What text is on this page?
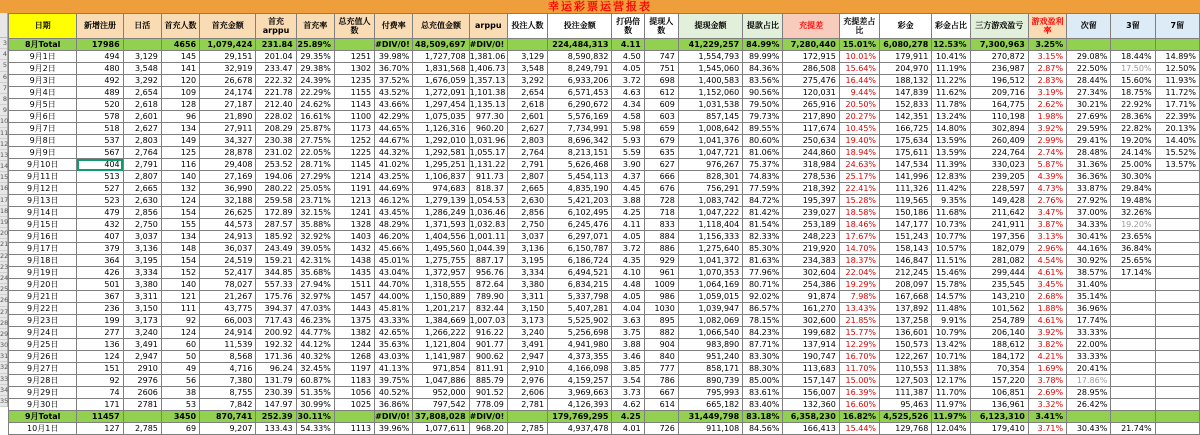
幸运彩票运营报表
3
4
5
6
7
8
9
10
11
12
13
14
15
16
17
18
19
20
21
22
23
24
25
26
27
28
29
30
31
32
33
34
35
日期	新增注册	日活	首充人数	首充金额	首充arppu	首充率	总充值人数	付费率	总充值金额	arppu	投注人数	投注金额	打码倍数	提现人数	提现金额	提款占比	充提差	充提差占比	彩金	彩金占比	三方游戏盈亏	游戏盈利率	次留	3留	7留
8月Total	17986		4656	1,079,424	231.84	25.89%		#DIV/0!	48,509,697	#DIV/0!		224,484,313	4.11		41,229,257	84.99%	7,280,440	15.01%	6,080,278	12.53%	7,300,963	3.25%			
9月1日	494	3,129	145	29,151	201.04	29.35%	1251	39.98%	1,727,708	1,381.06	3,129	8,590,832	4.50	747	1,554,793	89.99%	172,915	10.01%	179,911	10.41%	270,872	3.15%	29.08%	18.44%	14.89%
9月2日	480	3,548	141	32,919	233.47	29.38%	1302	36.70%	1,831,568	1,406.73	3,548	8,249,791	4.05	751	1,545,060	84.36%	286,508	15.64%	204,970	11.19%	236,987	2.87%	22.50%	17.50%	12.50%
9月3日	492	3,292	120	26,678	222.32	24.39%	1235	37.52%	1,676,059	1,357.13	3,292	6,933,206	3.72	698	1,400,583	83.56%	275,476	16.44%	188,132	11.22%	196,512	2.83%	28.44%	15.60%	11.93%
9月4日	489	2,654	109	24,174	221.78	22.29%	1155	43.52%	1,272,091	1,101.38	2,654	6,571,453	4.63	612	1,152,060	90.56%	120,031	9.44%	147,839	11.62%	209,716	3.19%	27.34%	18.75%	11.72%
9月5日	520	2,618	128	27,187	212.40	24.62%	1143	43.66%	1,297,454	1,135.13	2,618	6,290,672	4.34	609	1,031,538	79.50%	265,916	20.50%	152,833	11.78%	164,775	2.62%	30.21%	22.92%	17.71%
9月6日	578	2,601	96	21,890	228.02	16.61%	1100	42.29%	1,075,035	977.30	2,601	5,576,169	4.58	603	857,145	79.73%	217,890	20.27%	142,351	13.24%	110,198	1.98%	27.69%	28.36%	22.39%
9月7日	518	2,627	134	27,911	208.29	25.87%	1173	44.65%	1,126,316	960.20	2,627	7,734,991	5.98	659	1,008,642	89.55%	117,674	10.45%	166,725	14.80%	302,894	3.92%	29.59%	22.82%	20.13%
9月8日	537	2,803	149	34,327	230.38	27.75%	1252	44.67%	1,292,010	1,031.96	2,803	8,696,342	5.93	679	1,041,376	80.60%	250,634	19.40%	175,634	13.59%	260,409	2.99%	29.41%	19.20%	14.40%
9月9日	567	2,764	125	28,878	231.02	22.05%	1225	44.32%	1,292,581	1,055.17	2,764	8,213,151	5.59	635	1,047,721	81.06%	244,860	18.94%	175,611	13.59%	224,764	2.74%	28.48%	24.14%	15.52%
9月10日	404	2,791	116	29,408	253.52	28.71%	1145	41.02%	1,295,251	1,131.22	2,791	5,626,468	3.90	627	976,267	75.37%	318,984	24.63%	147,534	11.39%	330,023	5.87%	31.36%	25.00%	13.57%
9月11日	513	2,807	140	27,169	194.06	27.29%	1214	43.25%	1,106,837	911.73	2,807	5,454,113	4.37	666	828,301	74.83%	278,536	25.17%	141,996	12.83%	239,205	4.39%	36.36%	30.30%	
9月12日	527	2,665	132	36,990	280.22	25.05%	1191	44.69%	974,683	818.37	2,665	4,835,190	4.45	676	756,291	77.59%	218,392	22.41%	111,326	11.42%	228,597	4.73%	33.87%	29.84%	
9月13日	523	2,630	124	32,188	259.58	23.71%	1213	46.12%	1,279,139	1,054.53	2,630	5,421,203	3.88	728	1,083,742	84.72%	195,397	15.28%	119,565	9.35%	149,428	2.76%	27.92%	19.48%	
9月14日	479	2,856	154	26,625	172.89	32.15%	1241	43.45%	1,286,249	1,036.46	2,856	6,102,495	4.25	718	1,047,222	81.42%	239,027	18.58%	150,186	11.68%	211,642	3.47%	37.00%	32.26%	
9月15日	432	2,750	155	44,573	287.57	35.88%	1328	48.29%	1,371,593	1,032.83	2,750	6,245,476	4.11	833	1,118,404	81.54%	253,189	18.46%	147,177	10.73%	241,911	3.87%	34.33%	19.20%	
9月16日	407	3,037	134	24,913	185.92	32.92%	1403	46.20%	1,404,556	1,001.11	3,037	6,297,071	4.05	884	1,156,333	82.33%	248,223	17.67%	151,243	10.77%	197,356	3.13%	30.41%	23.65%	
9月17日	379	3,136	148	36,037	243.49	39.05%	1432	45.66%	1,495,560	1,044.39	3,136	6,150,787	3.72	886	1,275,640	85.30%	219,920	14.70%	158,143	10.57%	182,079	2.96%	44.16%	36.84%	
9月18日	364	3,195	154	24,519	159.21	42.31%	1438	45.01%	1,275,755	887.17	3,195	6,186,724	4.35	929	1,041,372	81.63%	234,383	18.37%	146,847	11.51%	281,082	4.54%	30.92%	25.65%	
9月19日	426	3,334	152	52,417	344.85	35.68%	1435	43.04%	1,372,957	956.76	3,334	6,494,521	4.10	961	1,070,353	77.96%	302,604	22.04%	212,245	15.46%	299,444	4.61%	38.57%	17.14%	
9月20日	501	3,380	140	78,027	557.33	27.94%	1511	44.70%	1,318,555	872.64	3,380	6,834,215	4.48	1009	1,064,169	80.71%	254,386	19.29%	208,097	15.78%	235,545	3.45%	31.40%		
9月21日	367	3,311	121	21,267	175.76	32.97%	1457	44.00%	1,150,889	789.90	3,311	5,337,798	4.05	986	1,059,015	92.02%	91,874	7.98%	167,668	14.57%	143,210	2.68%	35.14%		
9月22日	236	3,150	111	43,775	394.37	47.03%	1443	45.81%	1,201,217	832.44	3,150	5,407,281	4.04	1030	1,039,947	86.57%	161,270	13.43%	137,892	11.48%	101,562	1.88%	36.96%		
9月23日	199	3,173	92	66,003	717.43	46.23%	1375	43.33%	1,384,669	1,007.03	3,173	5,525,902	3.63	895	1,082,069	78.15%	302,600	21.85%	137,258	9.91%	254,789	4.61%	17.74%		
9月24日	277	3,240	124	24,914	200.92	44.77%	1382	42.65%	1,266,222	916.22	3,240	5,256,698	3.75	882	1,066,540	84.23%	199,682	15.77%	136,601	10.79%	206,140	3.92%	33.33%		
9月25日	136	3,491	60	11,539	192.32	44.12%	1244	35.63%	1,121,804	901.77	3,491	4,941,980	3.88	904	983,890	87.71%	137,914	12.29%	150,573	13.42%	188,612	3.82%	22.00%		
9月26日	124	2,947	50	8,568	171.36	40.32%	1268	43.03%	1,141,987	900.62	2,947	4,373,355	3.46	840	951,240	83.30%	190,747	16.70%	122,267	10.71%	184,172	4.21%	33.33%		
9月27日	151	2910	49	4,716	96.24	32.45%	1197	41.13%	971,854	811.91	2,910	4,166,098	3.85	777	858,171	88.30%	113,683	11.70%	110,553	11.38%	70,354	1.69%	20.41%		
9月28日	92	2976	56	7,380	131.79	60.87%	1183	39.75%	1,047,886	885.79	2,976	4,159,257	3.54	786	890,739	85.00%	157,147	15.00%	127,503	12.17%	157,220	3.78%	17.86%		
9月29日	74	2606	38	8,755	230.39	51.35%	1056	40.52%	952,000	901.52	2,606	3,969,663	3.73	667	795,993	83.61%	156,007	16.39%	111,387	11.70%	106,851	2.69%	28.95%		
9月30日	171	2781	53	7,842	147.97	30.99%	1025	36.86%	797,542	778.09	2,781	4,126,393	4.62	614	665,182	83.40%	132,360	16.60%	95,463	11.97%	136,961	3.32%	26.42%		
9月Total	11457		3450	870,741	252.39	30.11%		#DIV/0!	37,808,028	#DIV/0!		179,769,295	4.25		31,449,798	83.18%	6,358,230	16.82%	4,525,526	11.97%	6,123,310	3.41%			
10月1日	127	2,785	69	9,207	133.43	54.33%	1113	39.96%	1,077,611	968.20	2,785	4,937,478	4.01	726	911,108	84.56%	166,413	15.44%	129,768	12.04%	179,410	3.71%	30.43%	21.74%	
